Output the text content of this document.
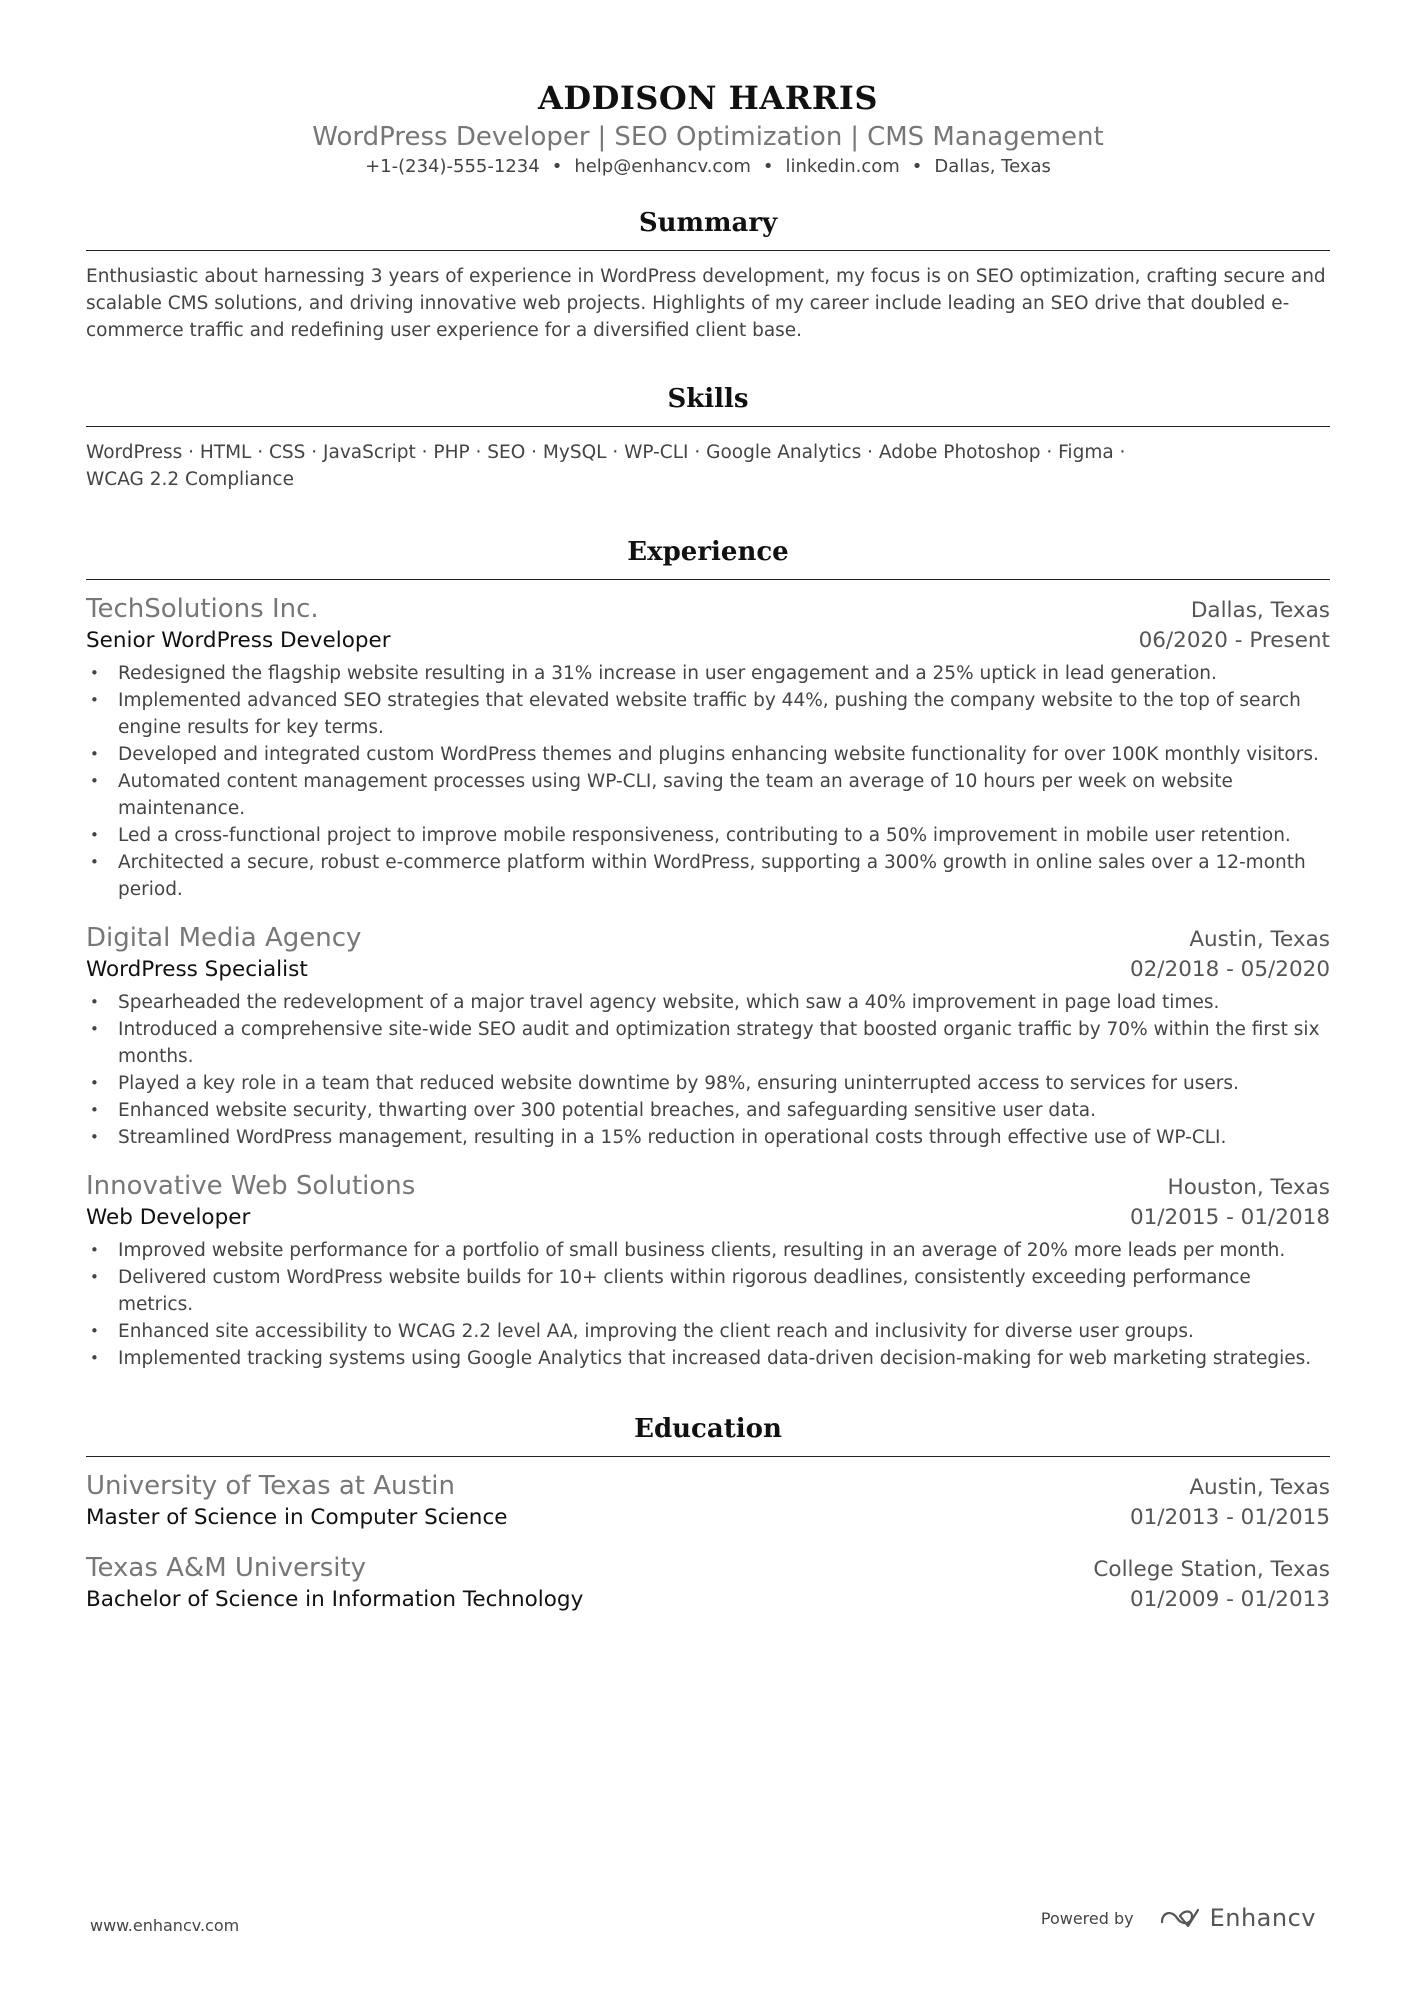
ADDISON HARRIS
WordPress Developer | SEO Optimization | CMS Management
+1-(234)-555-1234 • help@enhancv.com • linkedin.com • Dallas, Texas
Summary
Enthusiastic about harnessing 3 years of experience in WordPress development, my focus is on SEO optimization, crafting secure and scalable CMS solutions, and driving innovative web projects. Highlights of my career include leading an SEO drive that doubled e-commerce traffic and redefining user experience for a diversified client base.
Skills
WordPress · HTML · CSS · JavaScript · PHP · SEO · MySQL · WP-CLI · Google Analytics · Adobe Photoshop · Figma ·
WCAG 2.2 Compliance
Experience
TechSolutions Inc.	Dallas, Texas
Senior WordPress Developer	06/2020 - Present
• Redesigned the flagship website resulting in a 31% increase in user engagement and a 25% uptick in lead generation.
• Implemented advanced SEO strategies that elevated website traffic by 44%, pushing the company website to the top of search engine results for key terms.
• Developed and integrated custom WordPress themes and plugins enhancing website functionality for over 100K monthly visitors.
• Automated content management processes using WP-CLI, saving the team an average of 10 hours per week on website maintenance.
• Led a cross-functional project to improve mobile responsiveness, contributing to a 50% improvement in mobile user retention.
• Architected a secure, robust e-commerce platform within WordPress, supporting a 300% growth in online sales over a 12-month period.
Digital Media Agency	Austin, Texas
WordPress Specialist	02/2018 - 05/2020
• Spearheaded the redevelopment of a major travel agency website, which saw a 40% improvement in page load times.
• Introduced a comprehensive site-wide SEO audit and optimization strategy that boosted organic traffic by 70% within the first six months.
• Played a key role in a team that reduced website downtime by 98%, ensuring uninterrupted access to services for users.
• Enhanced website security, thwarting over 300 potential breaches, and safeguarding sensitive user data.
• Streamlined WordPress management, resulting in a 15% reduction in operational costs through effective use of WP-CLI.
Innovative Web Solutions	Houston, Texas
Web Developer	01/2015 - 01/2018
• Improved website performance for a portfolio of small business clients, resulting in an average of 20% more leads per month.
• Delivered custom WordPress website builds for 10+ clients within rigorous deadlines, consistently exceeding performance metrics.
• Enhanced site accessibility to WCAG 2.2 level AA, improving the client reach and inclusivity for diverse user groups.
• Implemented tracking systems using Google Analytics that increased data-driven decision-making for web marketing strategies.
Education
University of Texas at Austin	Austin, Texas
Master of Science in Computer Science	01/2013 - 01/2015
Texas A&M University	College Station, Texas
Bachelor of Science in Information Technology	01/2009 - 01/2013
www.enhancv.com	Powered by	Enhancv
